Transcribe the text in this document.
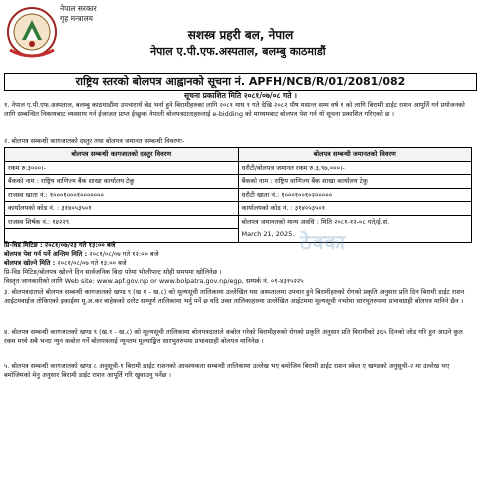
नेपाल सरकार
गृह मन्त्रालय
सशस्त्र प्रहरी बल, नेपाल
नेपाल ए.पी.एफ.अस्पताल, बलम्बु काठमाडौं
राष्ट्रिय स्तरको बोलपत्र आह्वानको सूचना नं. APFH/NCB/R/01/2081/082
सूचना प्रकाशित मिति २०८१/०७/०८ गते ।
१. नेपाल ए.पी.एफ.अस्पताल, बलम्बु काठमाडौंमा उपचारार्थ बेड भर्ना हुने बिरामीहरुका लागि २०८१ माघ १ गते देखि २०८२ पौष मसान्त सम्म वर्ष १ को लागि बिरामी डाईट राशन आपुर्ति गर्न प्रयोजनको लागि सम्बन्धित निकायबाट व्यवसाय गर्न ईजाजत प्राप्त ईच्छुक नेपाली बोलपत्रदाताहरुलाई e-bidding को माध्यमबाट बोलपत्र पेश गर्न यो सूचना प्रकाशित गरिएको छ ।
२. बोलपत्र सम्बन्धी कागजातको दस्तुर तथा बोलपत्र जमानत सम्बन्धी विवरणः-
बोलपत्र सम्बन्धी कागजातको दस्तुर विवरण	बोलपत्र सम्बन्धी जमानतको विवरण
रकम रु.३०००।-	धरौटी/बोलपत्र जमानत रकम रु.३,९७,०००।-
बैंकको नाम : राष्ट्रिय वाणिज्य बैंक शाखा कार्यालय टेकु	बैंकको नाम : राष्ट्रिय वाणिज्य बैंक शाखा कार्यालय टेकु
राजस्व खाता नं.: १०००१०००१०००००००	धरौटी खाता नं.: १०००१००१०२०००००
कार्यालयको कोड नं. : ३१४०५३५०१	कार्यालयको कोड नं. : ३१४०५३५०१
राजस्व शिर्षक नं.: १४२२९	बोलपत्र जमानतको मान्य अवधि : मिति २०८१-१२-०८ गते/ई.सं.
	March 21, 2025. ठेक्का
प्रि-विड मिटिङ : २०८१/०७/२३ गते १३:०० बजे
बोलपत्र पेश गर्न पर्ने अन्तिम मिति : २०८१/०८/०७ गते १२:०० बजे
बोलपत्र खोल्ने मिति : २०८१/०८/०७ गते १३:०० बजे
प्रि-विड मिटिङ/बोलपत्र खोल्ने दिन सार्वजनिक बिदा परेमा भोलीपल्ट सोही समयमा खोलिनेछ ।
विस्तृत जानकारीको लागि Web site: www.apf.gov.np or www.bolpatra.gov.np/egp, सम्पर्क नं. ०१-४३१५२२५
३. बोलपत्रदाताले बोलपत्र सम्बन्धी कागजातको खण्ड ९ (ख १ - ख.८) को मूल्यसूची तालिकामा उल्लेखित यस अस्पतालमा उपचार हुने बिरामीहरुको रोगको प्रकृति अनुसार प्रति दिन बिरामी डाईट राशन आईटमवाईज तोकिएको इकाईमा मू.अ.कर बाहेकको दररेट सम्पूर्ण तालिकामा भर्नु पर्ने छ यदि उक्त तालिकाहरुमा उल्लेखित आईटममा मूल्यसूची नभरेमा सारभूतरुपमा प्रभावग्राही बोलपत्र मानिने छैन ।
४. बोलपत्र सम्बन्धी कागजातको खण्ड ९ (ख.१ - ख.८) को मूल्यसूची तालिकामा बोलपत्रदाताले कबोल गरेको बिरामीहरुको रोगको प्रकृति अनुसार प्रति बिरामीको ३६५ दिनको जोड गरि हुन आउने कुल रकम मध्ये सबै भन्दा न्युन कबोल गर्ने बोलपत्रलाई न्यूनतम मूल्याङ्कित सारभुतरुपमा प्रभावग्राही बोलपत्र मानिनेछ ।
५. बोलपत्र सम्बन्धी कागजातको खण्ड ८ अनुसूची-१ बिरामी डाईट राशनको आवश्यकता सम्बन्धी तालिकामा उल्लेख भए बमोजिम बिरामी डाईट राशन स्केल ए खण्डको अनुसूची-२ मा उल्लेख भए बमोजिमको मेनु अनुसार बिरामी डाईट राशन आपूर्ति गरि खुवाउनु पर्नेछ ।
